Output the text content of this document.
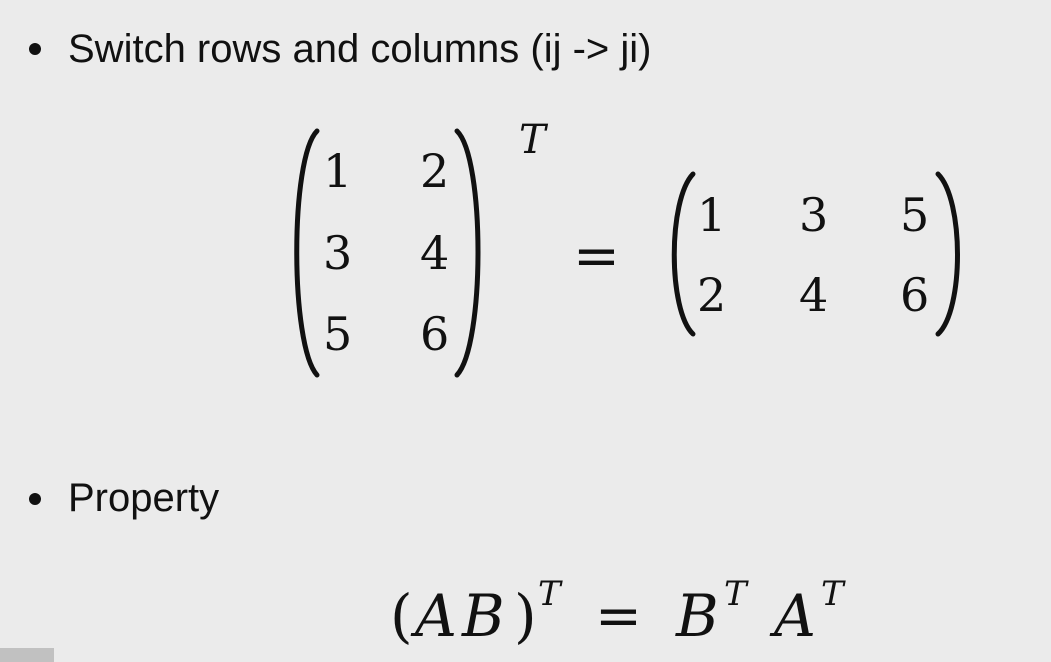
Switch rows and columns (ij -> ji)
1 2
3 4
5 6
T
=
1 3 5
2 4 6
Property
( A B ) T = B T A T
